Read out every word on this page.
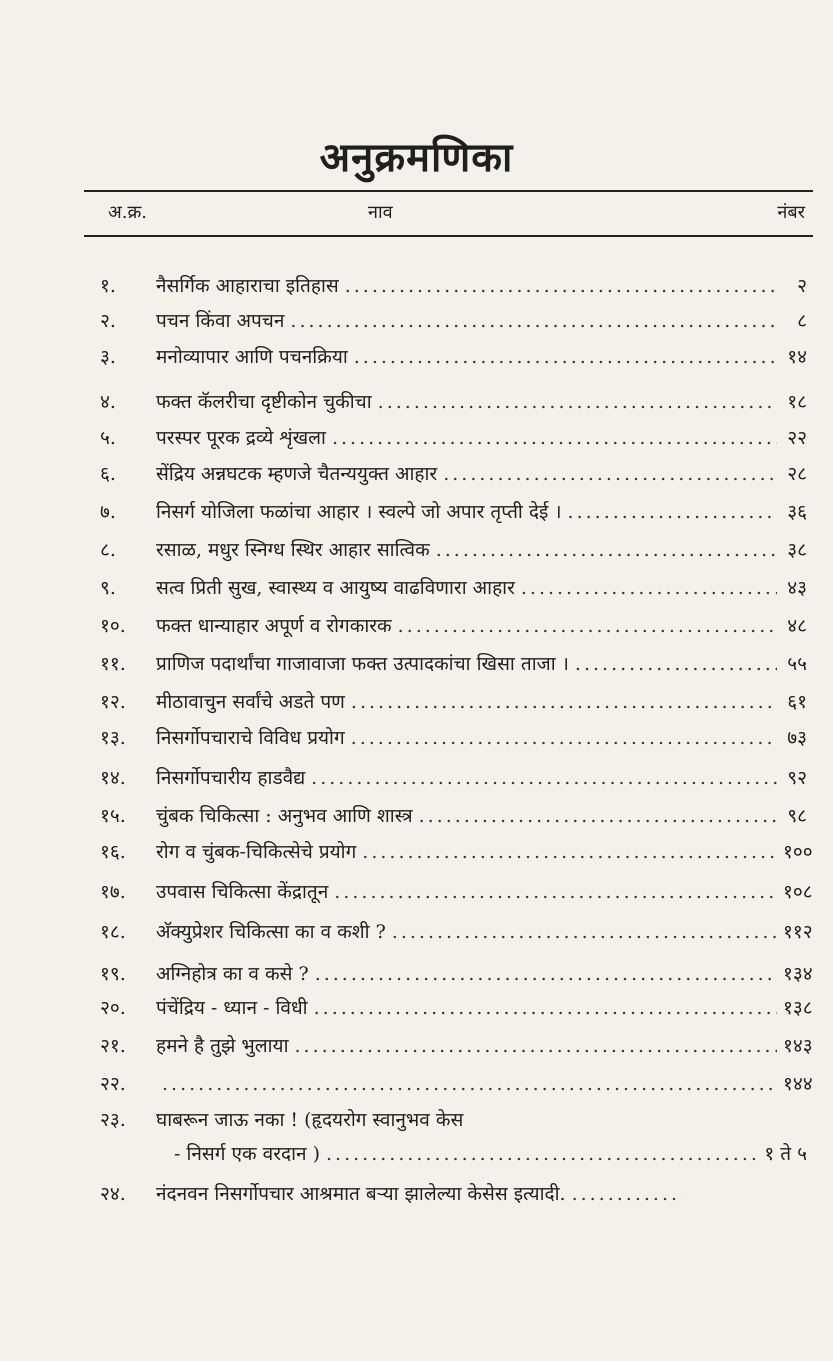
अनुक्रमणिका
अ.क्र.	नाव	नंबर
१.	नैसर्गिक आहाराचा इतिहास .....	२
२.	पचन किंवा अपचन .....	८
३.	मनोव्यापार आणि पचनक्रिया .....	१४
४.	फक्त कॅलरीचा दृष्टीकोन चुकीचा .....	१८
५.	परस्पर पूरक द्रव्ये शृंखला .....	२२
६.	सेंद्रिय अन्नघटक म्हणजे चैतन्ययुक्त आहार .....	२८
७.	निसर्ग योजिला फळांचा आहार । स्वल्पे जो अपार तृप्ती देई । .....	३६
८.	रसाळ, मधुर स्निग्ध स्थिर आहार सात्विक .....	३८
९.	सत्व प्रिती सुख, स्वास्थ्य व आयुष्य वाढविणारा आहार .....	४३
१०.	फक्त धान्याहार अपूर्ण व रोगकारक .....	४८
११.	प्राणिज पदार्थांचा गाजावाजा फक्त उत्पादकांचा खिसा ताजा । .....	५५
१२.	मीठावाचुन सर्वांचे अडते पण .....	६१
१३.	निसर्गोपचाराचे विविध प्रयोग .....	७३
१४.	निसर्गोपचारीय हाडवैद्य .....	९२
१५.	चुंबक चिकित्सा : अनुभव आणि शास्त्र .....	९८
१६.	रोग व चुंबक-चिकित्सेचे प्रयोग .....	१००
१७.	उपवास चिकित्सा केंद्रातून .....	१०८
१८.	अ‍ॅक्युप्रेशर चिकित्सा का व कशी ? .....	११२
१९.	अग्निहोत्र का व कसे ? .....	१३४
२०.	पंचेंद्रिय - ध्यान - विधी .....	१३८
२१.	हमने है तुझे भुलाया .....	१४३
२२. .....	१४४
२३.	घाबरून जाऊ नका ! (हृदयरोग स्वानुभव केस
- निसर्ग एक वरदान ) .....	१ ते ५
२४.	नंदनवन निसर्गोपचार आश्रमात बऱ्या झालेल्या केसेस इत्यादी.
.....
